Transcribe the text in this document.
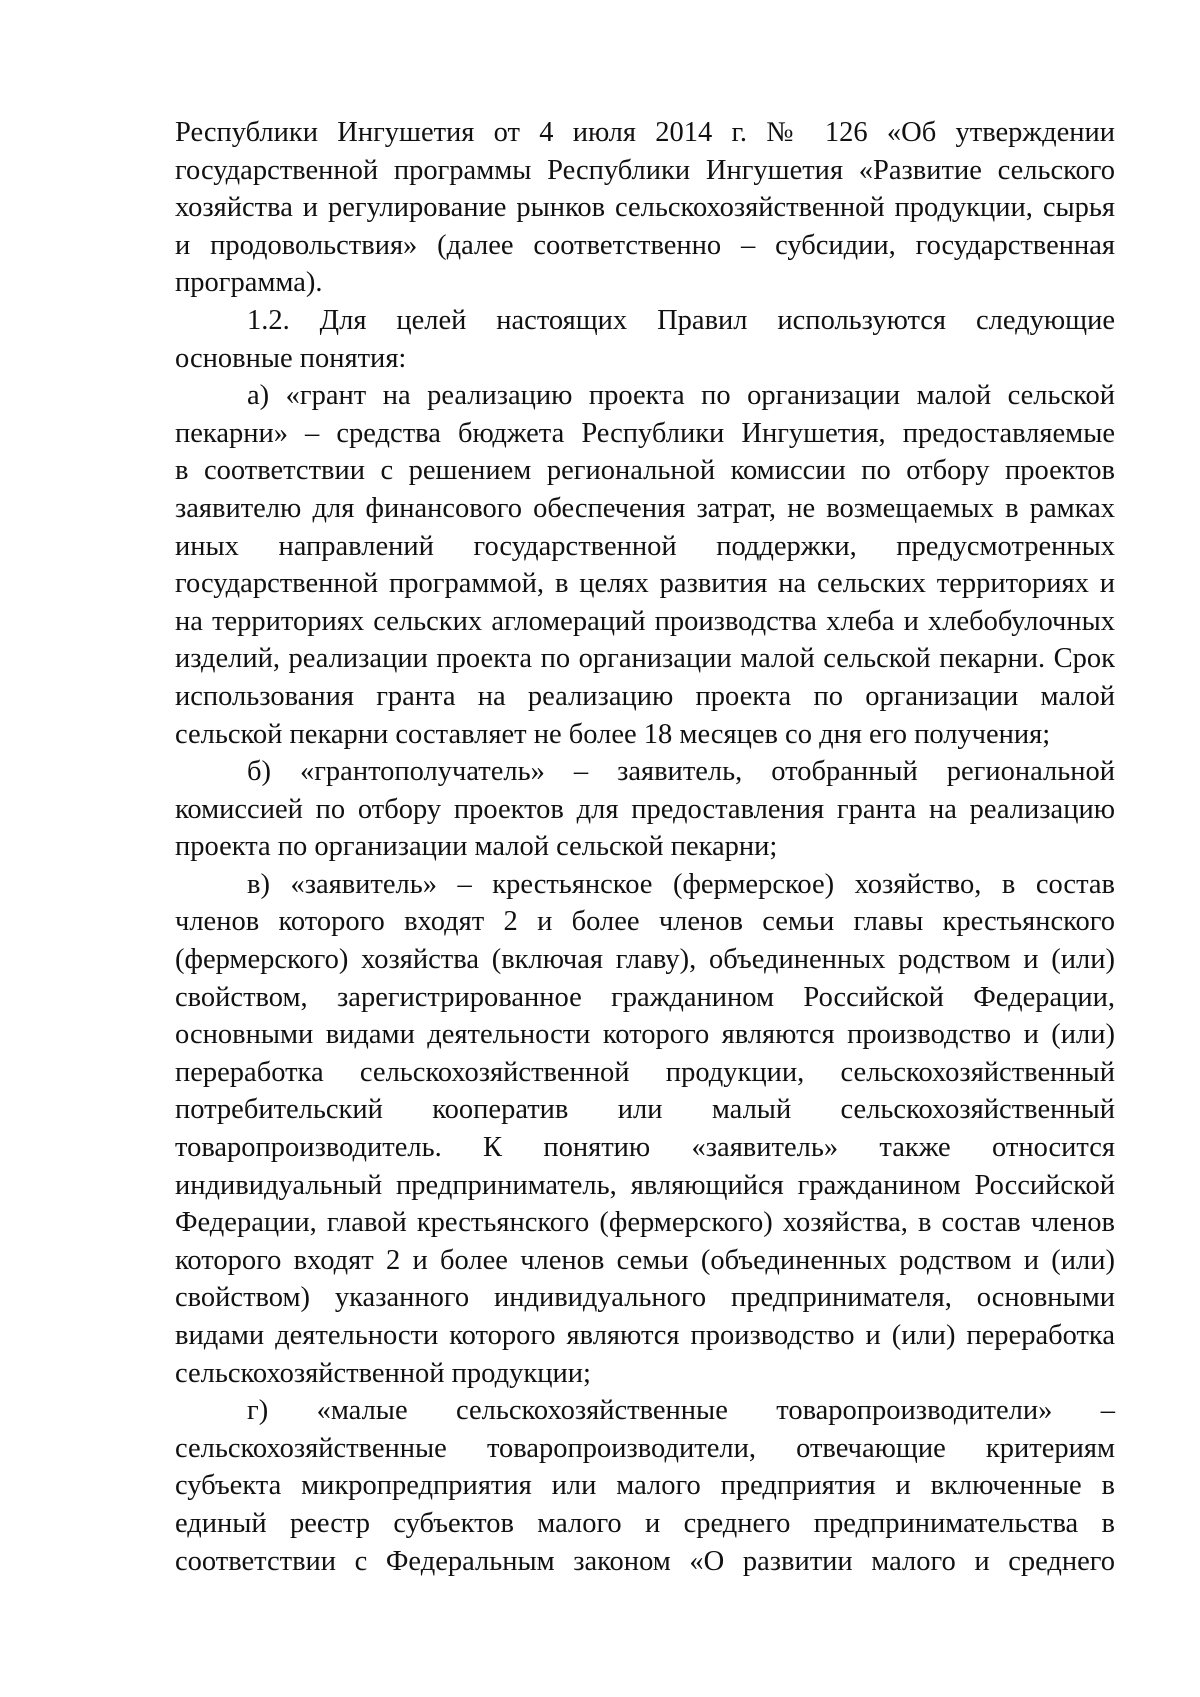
Республики Ингушетия от 4 июля 2014 г. № 126 «Об утверждении
государственной программы Республики Ингушетия «Развитие сельского
хозяйства и регулирование рынков сельскохозяйственной продукции, сырья
и продовольствия» (далее соответственно – субсидии, государственная
программа).
1.2. Для целей настоящих Правил используются следующие
основные понятия:
а) «грант на реализацию проекта по организации малой сельской
пекарни» – средства бюджета Республики Ингушетия, предоставляемые
в соответствии с решением региональной комиссии по отбору проектов
заявителю для финансового обеспечения затрат, не возмещаемых в рамках
иных направлений государственной поддержки, предусмотренных
государственной программой, в целях развития на сельских территориях и
на территориях сельских агломераций производства хлеба и хлебобулочных
изделий, реализации проекта по организации малой сельской пекарни. Срок
использования гранта на реализацию проекта по организации малой
сельской пекарни составляет не более 18 месяцев со дня его получения;
б) «грантополучатель» – заявитель, отобранный региональной
комиссией по отбору проектов для предоставления гранта на реализацию
проекта по организации малой сельской пекарни;
в) «заявитель» – крестьянское (фермерское) хозяйство, в состав
членов которого входят 2 и более членов семьи главы крестьянского
(фермерского) хозяйства (включая главу), объединенных родством и (или)
свойством, зарегистрированное гражданином Российской Федерации,
основными видами деятельности которого являются производство и (или)
переработка сельскохозяйственной продукции, сельскохозяйственный
потребительский кооператив или малый сельскохозяйственный
товаропроизводитель. К понятию «заявитель» также относится
индивидуальный предприниматель, являющийся гражданином Российской
Федерации, главой крестьянского (фермерского) хозяйства, в состав членов
которого входят 2 и более членов семьи (объединенных родством и (или)
свойством) указанного индивидуального предпринимателя, основными
видами деятельности которого являются производство и (или) переработка
сельскохозяйственной продукции;
г) «малые сельскохозяйственные товаропроизводители» –
сельскохозяйственные товаропроизводители, отвечающие критериям
субъекта микропредприятия или малого предприятия и включенные в
единый реестр субъектов малого и среднего предпринимательства в
соответствии с Федеральным законом «О развитии малого и среднего
